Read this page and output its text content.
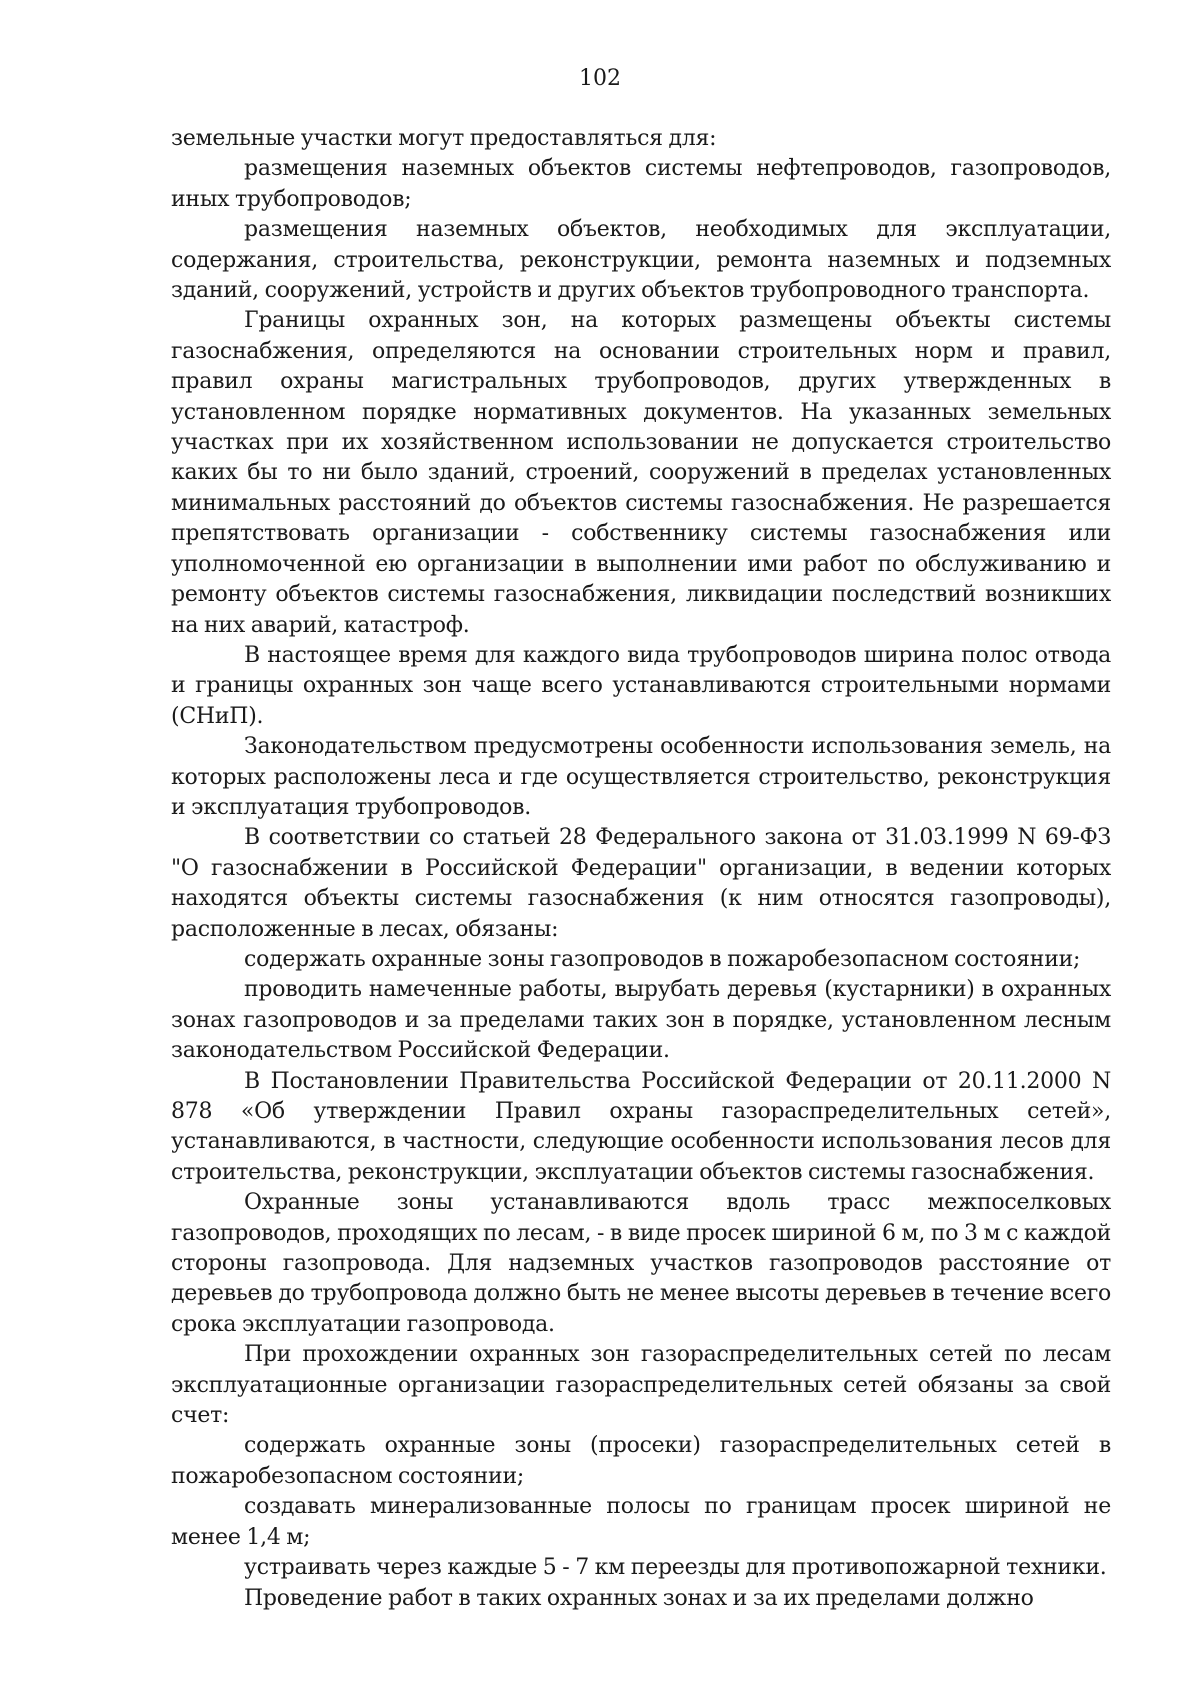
102

земельные участки могут предоставляться для:

размещения наземных объектов системы нефтепроводов, газопроводов, иных трубопроводов;

размещения наземных объектов, необходимых для эксплуатации, содержания, строительства, реконструкции, ремонта наземных и подземных зданий, сооружений, устройств и других объектов трубопроводного транспорта.

Границы охранных зон, на которых размещены объекты системы газоснабжения, определяются на основании строительных норм и правил, правил охраны магистральных трубопроводов, других утвержденных в установленном порядке нормативных документов. На указанных земельных участках при их хозяйственном использовании не допускается строительство каких бы то ни было зданий, строений, сооружений в пределах установленных минимальных расстояний до объектов системы газоснабжения. Не разрешается препятствовать организации - собственнику системы газоснабжения или уполномоченной ею организации в выполнении ими работ по обслуживанию и ремонту объектов системы газоснабжения, ликвидации последствий возникших на них аварий, катастроф.

В настоящее время для каждого вида трубопроводов ширина полос отвода и границы охранных зон чаще всего устанавливаются строительными нормами (СНиП).

Законодательством предусмотрены особенности использования земель, на которых расположены леса и где осуществляется строительство, реконструкция и эксплуатация трубопроводов.

В соответствии со статьей 28 Федерального закона от 31.03.1999 N 69-ФЗ "О газоснабжении в Российской Федерации" организации, в ведении которых находятся объекты системы газоснабжения (к ним относятся газопроводы), расположенные в лесах, обязаны:

содержать охранные зоны газопроводов в пожаробезопасном состоянии;

проводить намеченные работы, вырубать деревья (кустарники) в охранных зонах газопроводов и за пределами таких зон в порядке, установленном лесным законодательством Российской Федерации.

В Постановлении Правительства Российской Федерации от 20.11.2000 N 878 «Об утверждении Правил охраны газораспределительных сетей», устанавливаются, в частности, следующие особенности использования лесов для строительства, реконструкции, эксплуатации объектов системы газоснабжения.

Охранные зоны устанавливаются вдоль трасс межпоселковых газопроводов, проходящих по лесам, - в виде просек шириной 6 м, по 3 м с каждой стороны газопровода. Для надземных участков газопроводов расстояние от деревьев до трубопровода должно быть не менее высоты деревьев в течение всего срока эксплуатации газопровода.

При прохождении охранных зон газораспределительных сетей по лесам эксплуатационные организации газораспределительных сетей обязаны за свой счет:

содержать охранные зоны (просеки) газораспределительных сетей в пожаробезопасном состоянии;

создавать минерализованные полосы по границам просек шириной не менее 1,4 м;

устраивать через каждые 5 - 7 км переезды для противопожарной техники.

Проведение работ в таких охранных зонах и за их пределами должно
